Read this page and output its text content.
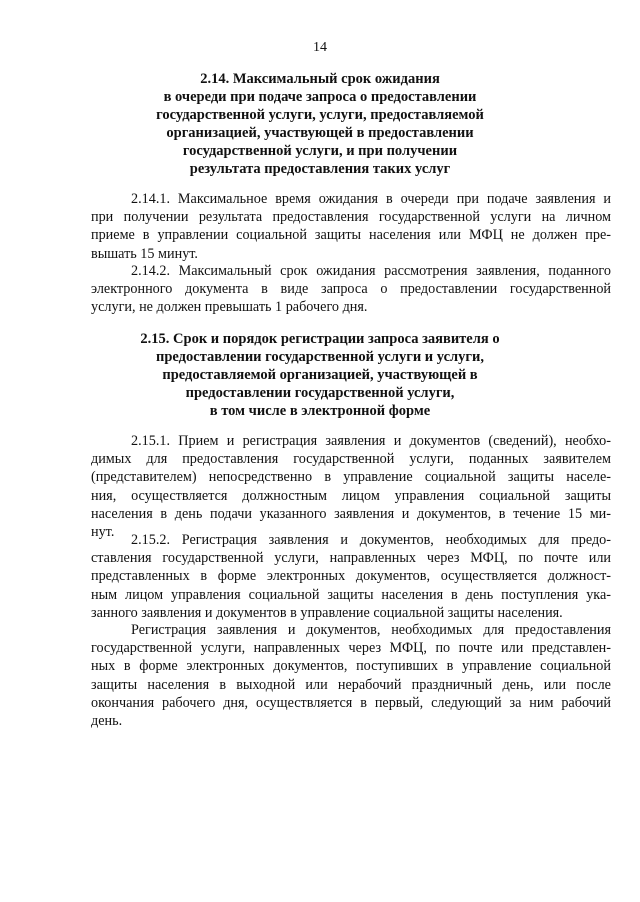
14
2.14. Максимальный срок ожидания
в очереди при подаче запроса о предоставлении
государственной услуги, услуги, предоставляемой
организацией, участвующей в предоставлении
государственной услуги, и при получении
результата предоставления таких услуг
2.14.1. Максимальное время ожидания в очереди при подаче заявления и
при получении результата предоставления государственной услуги на личном
приеме в управлении социальной защиты населения или МФЦ не должен пре-
вышать 15 минут.
2.14.2. Максимальный срок ожидания рассмотрения заявления, поданного
электронного документа в виде запроса о предоставлении государственной
услуги, не должен превышать 1 рабочего дня.
2.15. Срок и порядок регистрации запроса заявителя о
предоставлении государственной услуги и услуги,
предоставляемой организацией, участвующей в
предоставлении государственной услуги,
в том числе в электронной форме
2.15.1. Прием и регистрация заявления и документов (сведений), необхо-
димых для предоставления государственной услуги, поданных заявителем
(представителем) непосредственно в управление социальной защиты населе-
ния, осуществляется должностным лицом управления социальной защиты
населения в день подачи указанного заявления и документов, в течение 15 ми-
нут.
2.15.2. Регистрация заявления и документов, необходимых для предо-
ставления государственной услуги, направленных через МФЦ, по почте или
представленных в форме электронных документов, осуществляется должност-
ным лицом управления социальной защиты населения в день поступления ука-
занного заявления и документов в управление социальной защиты населения.
Регистрация заявления и документов, необходимых для предоставления
государственной услуги, направленных через МФЦ, по почте или представлен-
ных в форме электронных документов, поступивших в управление социальной
защиты населения в выходной или нерабочий праздничный день, или после
окончания рабочего дня, осуществляется в первый, следующий за ним рабочий
день.
